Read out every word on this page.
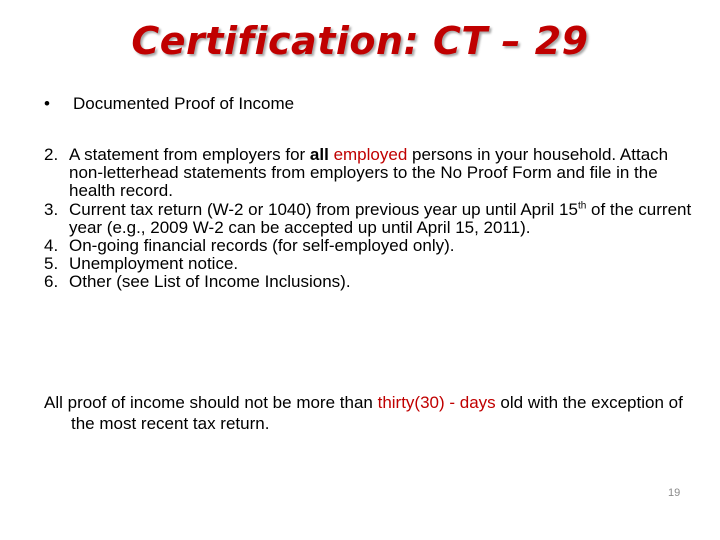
Certification: CT – 29
• Documented Proof of Income
2. A statement from employers for all employed persons in your household. Attach non-letterhead statements from employers to the No Proof Form and file in the health record.
3. Current tax return (W-2 or 1040) from previous year up until April 15th of the current year (e.g., 2009 W-2 can be accepted up until April 15, 2011).
4. On-going financial records (for self-employed only).
5. Unemployment notice.
6. Other (see List of Income Inclusions).
All proof of income should not be more than thirty(30) - days old with the exception of the most recent tax return.
19
